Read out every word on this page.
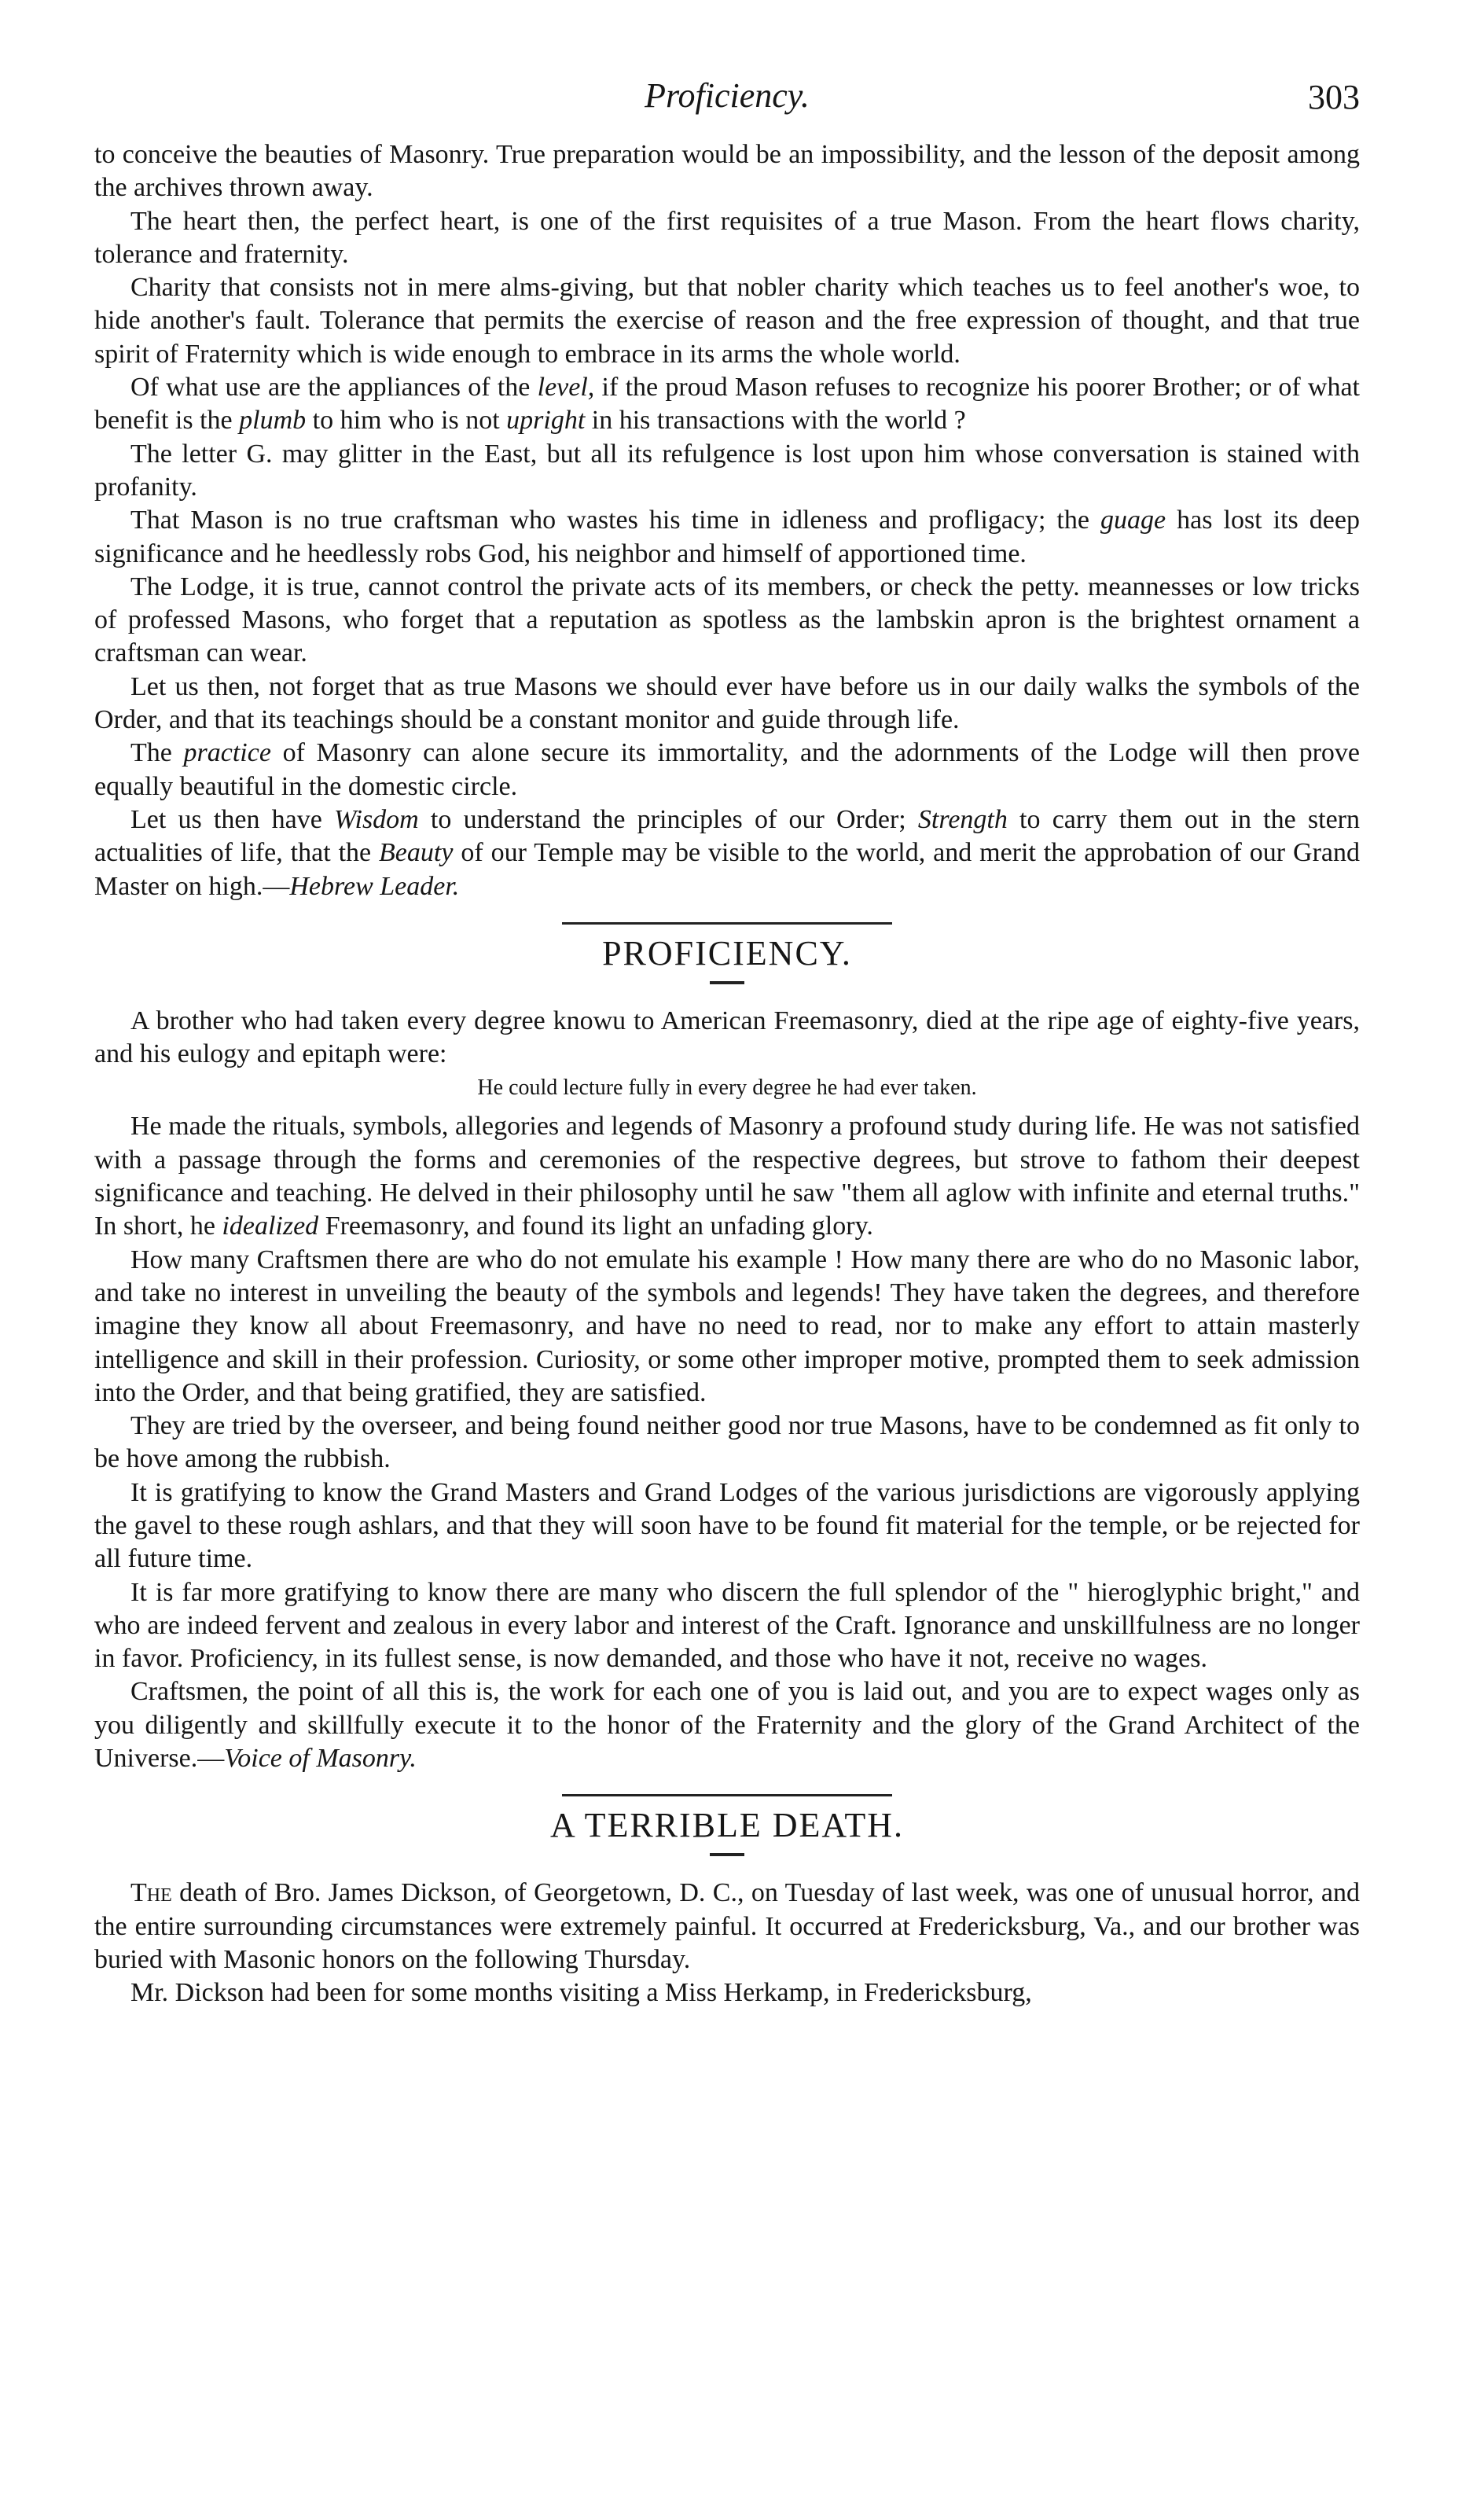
Proficiency.	303

to conceive the beauties of Masonry. True preparation would be an impossibility, and the lesson of the deposit among the archives thrown away.

The heart then, the perfect heart, is one of the first requisites of a true Mason. From the heart flows charity, tolerance and fraternity.

Charity that consists not in mere alms-giving, but that nobler charity which teaches us to feel another's woe, to hide another's fault. Tolerance that permits the exercise of reason and the free expression of thought, and that true spirit of Fraternity which is wide enough to embrace in its arms the whole world.

Of what use are the appliances of the level, if the proud Mason refuses to recognize his poorer Brother; or of what benefit is the plumb to him who is not upright in his transactions with the world ?

The letter G. may glitter in the East, but all its refulgence is lost upon him whose conversation is stained with profanity.

That Mason is no true craftsman who wastes his time in idleness and profligacy; the guage has lost its deep significance and he heedlessly robs God, his neighbor and himself of apportioned time.

The Lodge, it is true, cannot control the private acts of its members, or check the petty. meannesses or low tricks of professed Masons, who forget that a reputation as spotless as the lambskin apron is the brightest ornament a craftsman can wear.

Let us then, not forget that as true Masons we should ever have before us in our daily walks the symbols of the Order, and that its teachings should be a constant monitor and guide through life.

The practice of Masonry can alone secure its immortality, and the adornments of the Lodge will then prove equally beautiful in the domestic circle.

Let us then have Wisdom to understand the principles of our Order; Strength to carry them out in the stern actualities of life, that the Beauty of our Temple may be visible to the world, and merit the approbation of our Grand Master on high.—Hebrew Leader.

PROFICIENCY.

A brother who had taken every degree knowu to American Freemasonry, died at the ripe age of eighty-five years, and his eulogy and epitaph were:

He could lecture fully in every degree he had ever taken.

He made the rituals, symbols, allegories and legends of Masonry a profound study during life. He was not satisfied with a passage through the forms and ceremonies of the respective degrees, but strove to fathom their deepest significance and teaching. He delved in their philosophy until he saw "them all aglow with infinite and eternal truths." In short, he idealized Freemasonry, and found its light an unfading glory.

How many Craftsmen there are who do not emulate his example ! How many there are who do no Masonic labor, and take no interest in unveiling the beauty of the symbols and legends! They have taken the degrees, and therefore imagine they know all about Freemasonry, and have no need to read, nor to make any effort to attain masterly intelligence and skill in their profession. Curiosity, or some other improper motive, prompted them to seek admission into the Order, and that being gratified, they are satisfied.

They are tried by the overseer, and being found neither good nor true Masons, have to be condemned as fit only to be hove among the rubbish.

It is gratifying to know the Grand Masters and Grand Lodges of the various jurisdictions are vigorously applying the gavel to these rough ashlars, and that they will soon have to be found fit material for the temple, or be rejected for all future time.

It is far more gratifying to know there are many who discern the full splendor of the " hieroglyphic bright," and who are indeed fervent and zealous in every labor and interest of the Craft. Ignorance and unskillfulness are no longer in favor. Proficiency, in its fullest sense, is now demanded, and those who have it not, receive no wages.

Craftsmen, the point of all this is, the work for each one of you is laid out, and you are to expect wages only as you diligently and skillfully execute it to the honor of the Fraternity and the glory of the Grand Architect of the Universe.—Voice of Masonry.

A TERRIBLE DEATH.

The death of Bro. James Dickson, of Georgetown, D. C., on Tuesday of last week, was one of unusual horror, and the entire surrounding circumstances were extremely painful. It occurred at Fredericksburg, Va., and our brother was buried with Masonic honors on the following Thursday.

Mr. Dickson had been for some months visiting a Miss Herkamp, in Fredericksburg,
